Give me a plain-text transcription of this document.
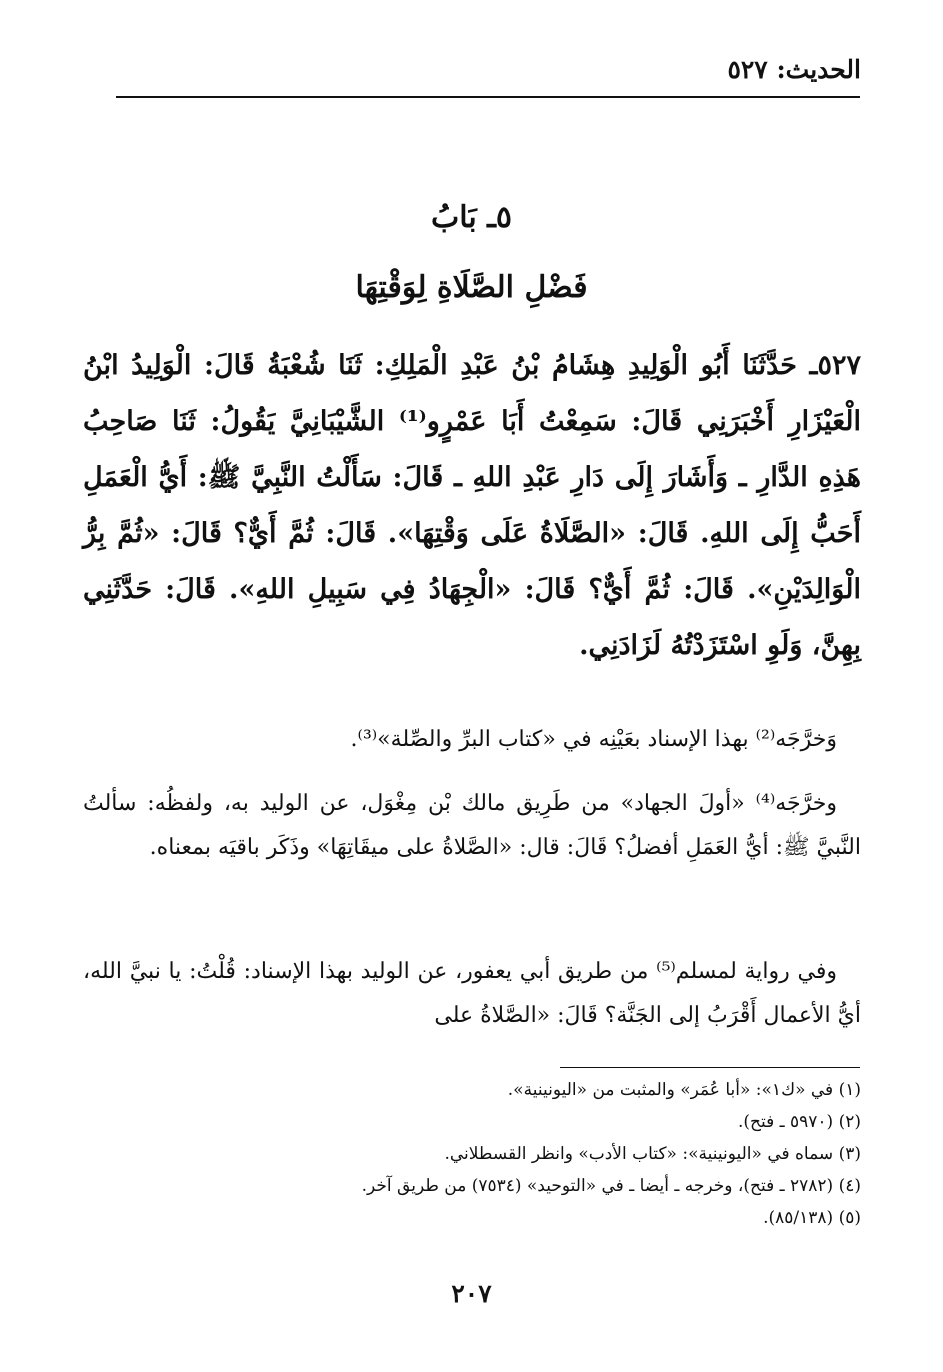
الحديث: ٥٢٧
٥ـ بَابُ
فَضْلِ الصَّلَاةِ لِوَقْتِهَا
٥٢٧ـ حَدَّثَنَا أَبُو الْوَلِيدِ هِشَامُ بْنُ عَبْدِ الْمَلِكِ: ثَنَا شُعْبَةُ قَالَ: الْوَلِيدُ ابْنُ الْعَيْزَارِ أَخْبَرَنِي قَالَ: سَمِعْتُ أَبَا عَمْرٍو⁽¹⁾ الشَّيْبَانِيَّ يَقُولُ: ثَنَا صَاحِبُ هَذِهِ الدَّارِ ـ وَأَشَارَ إِلَى دَارِ عَبْدِ اللهِ ـ قَالَ: سَأَلْتُ النَّبِيَّ ﷺ: أَيُّ الْعَمَلِ أَحَبُّ إِلَى اللهِ. قَالَ: «الصَّلَاةُ عَلَى وَقْتِهَا». قَالَ: ثُمَّ أَيٌّ؟ قَالَ: «ثُمَّ بِرُّ الْوَالِدَيْنِ». قَالَ: ثُمَّ أَيٌّ؟ قَالَ: «الْجِهَادُ فِي سَبِيلِ اللهِ». قَالَ: حَدَّثَنِي بِهِنَّ، وَلَوِ اسْتَزَدْتُهُ لَزَادَنِي.
وَخرَّجَه⁽²⁾ بهذا الإسناد بعَيْنِه في «كتاب البرِّ والصِّلة»⁽³⁾.
وخرَّجَه⁽⁴⁾ «أولَ الجهاد» من طَرِيق مالك بْن مِغْوَل، عن الوليد به، ولفظُه: سألتُ النَّبيَّ ﷺ: أيُّ العَمَلِ أفضلُ؟ قَالَ: قال: «الصَّلاةُ على ميقَاتِهَا» وذَكَر باقيَه بمعناه.
وفي رواية لمسلم⁽⁵⁾ من طريق أبي يعفور، عن الوليد بهذا الإسناد: قُلْتُ: يا نبيَّ الله، أيُّ الأعمال أَقْرَبُ إلى الجَنَّة؟ قَالَ: «الصَّلاةُ على
(١) في «ك١»: «أبا عُمَر» والمثبت من «اليونينية».
(٢) (٥٩٧٠ ـ فتح).
(٣) سماه في «اليونينية»: «كتاب الأدب» وانظر القسطلاني.
(٤) (٢٧٨٢ ـ فتح)، وخرجه ـ أيضا ـ في «التوحيد» (٧٥٣٤) من طريق آخر.
(٥) (٨٥/١٣٨).
٢٠٧
